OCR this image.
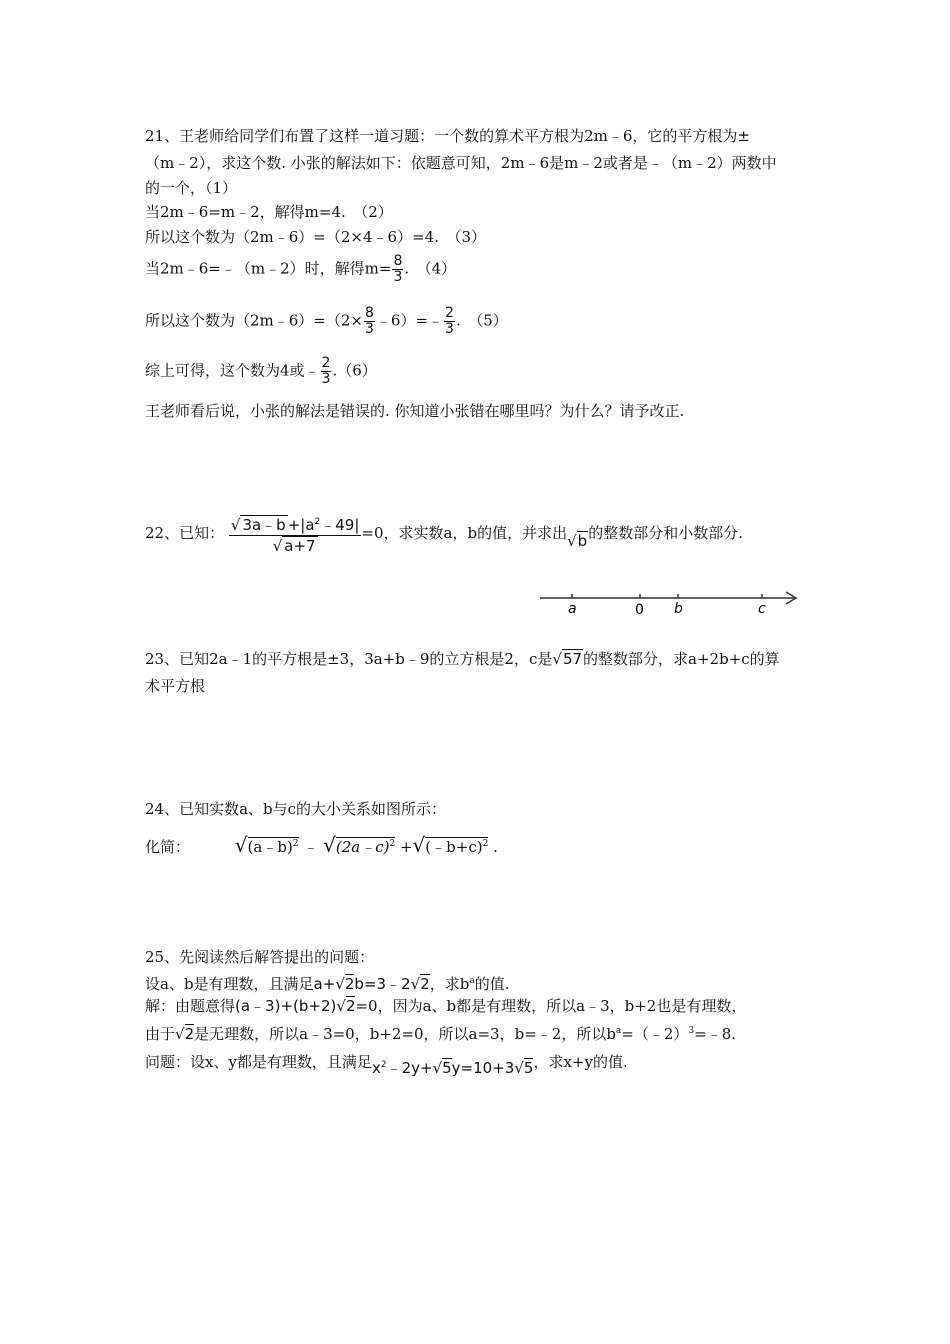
21、王老师给同学们布置了这样一道习题：一个数的算术平方根为2m﹣6，它的平方根为±
（m﹣2），求这个数. 小张的解法如下：依题意可知，2m﹣6是m﹣2或者是﹣（m﹣2）两数中
的一个，（1）
当2m﹣6=m﹣2，解得m=4.　（2）
所以这个数为（2m﹣6）=（2×4﹣6）=4.　（3）
当2m﹣6=﹣（m﹣2）时，解得$m= \frac{8}{3}$ .　（4）
所以这个数为（2m﹣6）=（2× $\frac{8}{3}$ ﹣6）=﹣ $\frac{2}{3}$ .　（5）
综上可得，这个数为4或﹣ $\frac{2}{3} .(6)$
王老师看后说，小张的解法是错误的. 你知道小张错在哪里吗？为什么？请予改正.
22、已知： $\frac{√ 3a﹣b +|a^2﹣49|}{√ a+7} =0$，求实数a，b的值，并求出√b的整数部分和小数部分.
a	0 b	c
23、已知2a﹣1的平方根是±3，3a+b﹣9的立方根是2，c是√57的整数部分，求a+2b+c的算
术平方根
24、已知实数a、b与c的大小关系如图所示：
化简： √(a﹣b)$^2$ ﹣ √(2a﹣c)$^2$ +√(﹣b+c)$^2$ .
25、先阅读然后解答提出的问题：
设a、b是有理数，且满足a+√2b=3﹣2√2，求$b^a$的值.
解：由题意得(a﹣3)+(b+2)√2=0，因为a、b都是有理数，所以a﹣3，b+2也是有理数，
由于√2是无理数，所以a﹣3=0，b+2=0，所以a=3，b=﹣2，所以$b^a=(﹣2)^3=﹣8$.
问题：设x、y都是有理数，且满足$x^2﹣2y+√5y=10+3√5$，求x+y的值.
